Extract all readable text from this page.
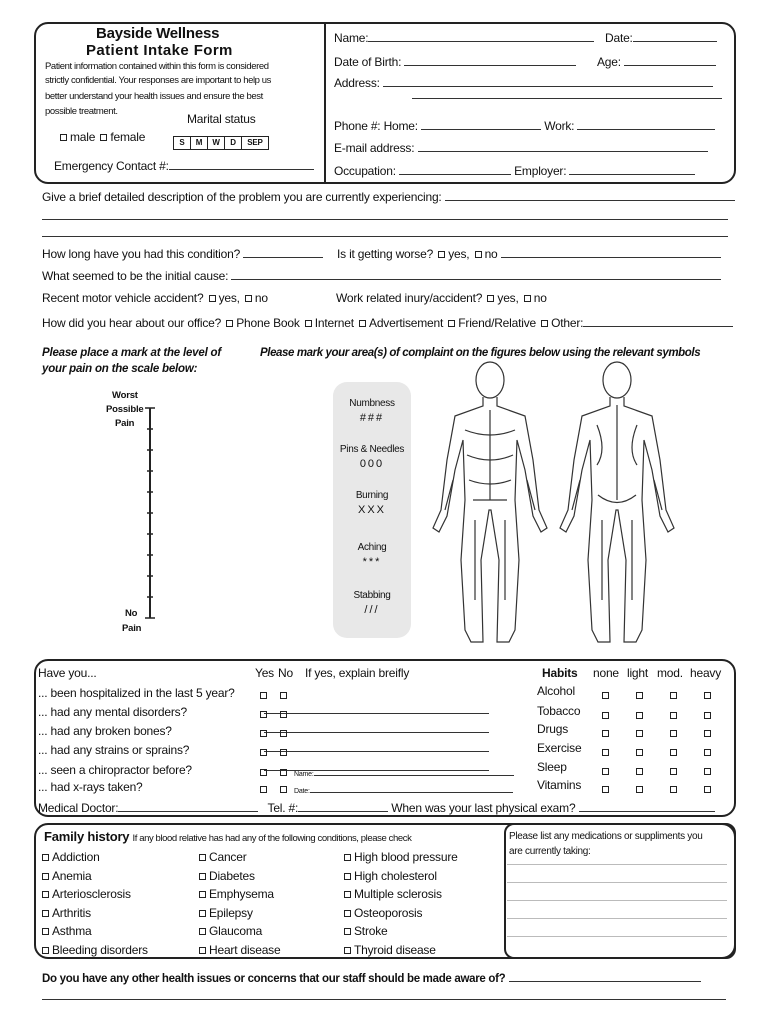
Bayside Wellness
Patient Intake Form
Patient information contained within this form is considered
strictly confidential. Your responses are important to help us
better understand your health issues and ensure the best
possible treatment.
Marital status
male female	S M W D SEP
Emergency Contact #:
Name:	Date:
Date of Birth:	Age:
Address:
Phone #: Home:	Work:
E-mail address:
Occupation:	Employer:
Give a brief detailed description of the problem you are currently experiencing:
How long have you had this condition?	Is it getting worse? yes, no
What seemed to be the initial cause:
Recent motor vehicle accident? yes, no	Work related inury/accident? yes, no
How did you hear about our office? Phone Book Internet Advertisement Friend/Relative Other:
Please place a mark at the level of
your pain on the scale below:
Please mark your area(s) of complaint on the figures below using the relevant symbols
Worst
Possible
Pain
No
Pain
Numbness
###
Pins & Needles
000
Burning
XXX
Aching
***
Stabbing
///
Have you...	Yes No If yes, explain breifly
... been hospitalized in the last 5 year?
... had any mental disorders?
... had any broken bones?
... had any strains or sprains?
... seen a chiropractor before?
... had x-rays taken?
Name:
Date:
Medical Doctor:	Tel. #:	When was your last physical exam?
Habits none light mod. heavy
Alcohol
Tobacco
Drugs
Exercise
Sleep
Vitamins
Family history If any blood relative has had any of the following conditions, please check
Addiction
Anemia
Arteriosclerosis
Arthritis
Asthma
Bleeding disorders
Cancer
Diabetes
Emphysema
Epilepsy
Glaucoma
Heart disease
High blood pressure
High cholesterol
Multiple sclerosis
Osteoporosis
Stroke
Thyroid disease
Please list any medications or suppliments you
are currently taking:
Do you have any other health issues or concerns that our staff should be made aware of?
